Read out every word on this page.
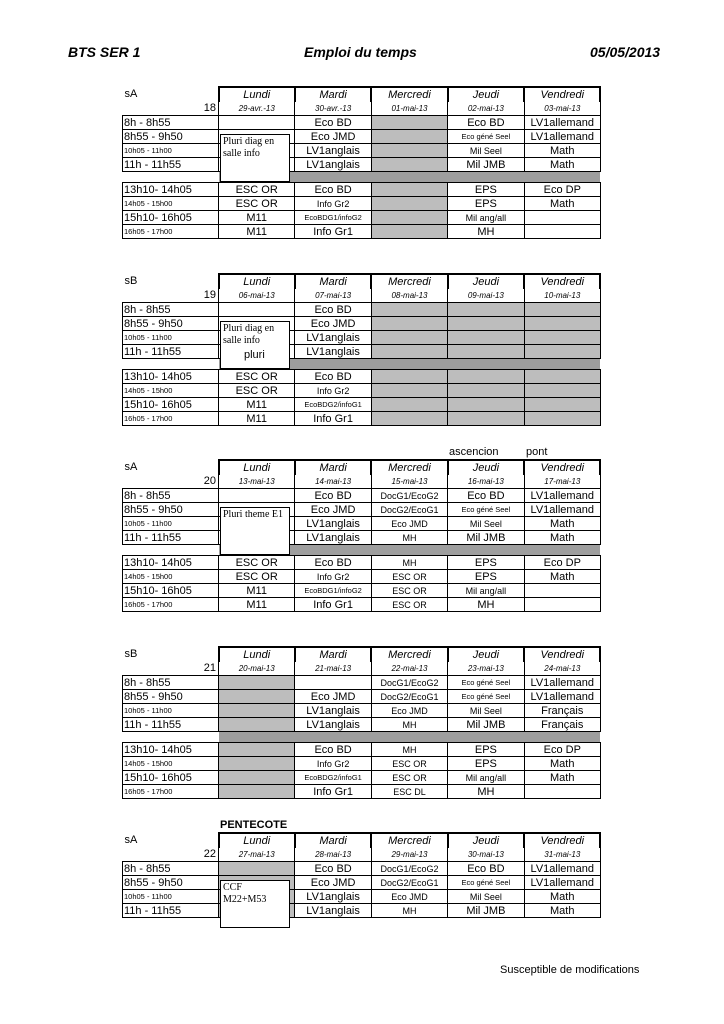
BTS SER 1	Emploi du temps	05/05/2013
sA	Lundi	Mardi	Mercredi	Jeudi	Vendredi

18	29-avr.-13	30-avr.-13	01-mai-13	02-mai-13	03-mai-13
8h - 8h55		Eco BD		Eco BD	LV1allemand
8h55 - 9h50		Eco JMD		Eco géné Seel	LV1allemand
10h05 - 11h00		LV1anglais		Mil Seel	Math
11h - 11h55		LV1anglais		Mil JMB	Math

13h10- 14h05	ESC OR	Eco BD		EPS	Eco DP
14h05 - 15h00	ESC OR	Info Gr2		EPS	Math
15h10- 16h05	M11	EcoBDG1/infoG2		Mil ang/all	
16h05 - 17h00	M11	Info Gr1		MH	
Pluri diag en salle info
sB	Lundi	Mardi	Mercredi	Jeudi	Vendredi

19	06-mai-13	07-mai-13	08-mai-13	09-mai-13	10-mai-13
8h - 8h55		Eco BD			
8h55 - 9h50		Eco JMD			
10h05 - 11h00		LV1anglais			
11h - 11h55		LV1anglais			

13h10- 14h05	ESC OR	Eco BD			
14h05 - 15h00	ESC OR	Info Gr2			
15h10- 16h05	M11	EcoBDG2/infoG1			
16h05 - 17h00	M11	Info Gr1			
Pluri diag en salle info
pluri
ascencion pont
sA	Lundi	Mardi	Mercredi	Jeudi	Vendredi

20	13-mai-13	14-mai-13	15-mai-13	16-mai-13	17-mai-13
8h - 8h55		Eco BD	DocG1/EcoG2	Eco BD	LV1allemand
8h55 - 9h50		Eco JMD	DocG2/EcoG1	Eco géné Seel	LV1allemand
10h05 - 11h00		LV1anglais	Eco JMD	Mil Seel	Math
11h - 11h55		LV1anglais	MH	Mil JMB	Math

13h10- 14h05	ESC OR	Eco BD	MH	EPS	Eco DP
14h05 - 15h00	ESC OR	Info Gr2	ESC OR	EPS	Math
15h10- 16h05	M11	EcoBDG1/infoG2	ESC OR	Mil ang/all	
16h05 - 17h00	M11	Info Gr1	ESC OR	MH	
Pluri theme E1
sB	Lundi	Mardi	Mercredi	Jeudi	Vendredi

21	20-mai-13	21-mai-13	22-mai-13	23-mai-13	24-mai-13
8h - 8h55			DocG1/EcoG2	Eco géné Seel	LV1allemand
8h55 - 9h50		Eco JMD	DocG2/EcoG1	Eco géné Seel	LV1allemand
10h05 - 11h00		LV1anglais	Eco JMD	Mil Seel	Français
11h - 11h55		LV1anglais	MH	Mil JMB	Français

13h10- 14h05		Eco BD	MH	EPS	Eco DP
14h05 - 15h00		Info Gr2	ESC OR	EPS	Math
15h10- 16h05		EcoBDG2/infoG1	ESC OR	Mil ang/all	Math
16h05 - 17h00		Info Gr1	ESC DL	MH	
PENTECOTE
sA	Lundi	Mardi	Mercredi	Jeudi	Vendredi

22	27-mai-13	28-mai-13	29-mai-13	30-mai-13	31-mai-13
8h - 8h55		Eco BD	DocG1/EcoG2	Eco BD	LV1allemand
8h55 - 9h50		Eco JMD	DocG2/EcoG1	Eco géné Seel	LV1allemand
10h05 - 11h00		LV1anglais	Eco JMD	Mil Seel	Math
11h - 11h55		LV1anglais	MH	Mil JMB	Math
CCF M22+M53
Susceptible de modifications
